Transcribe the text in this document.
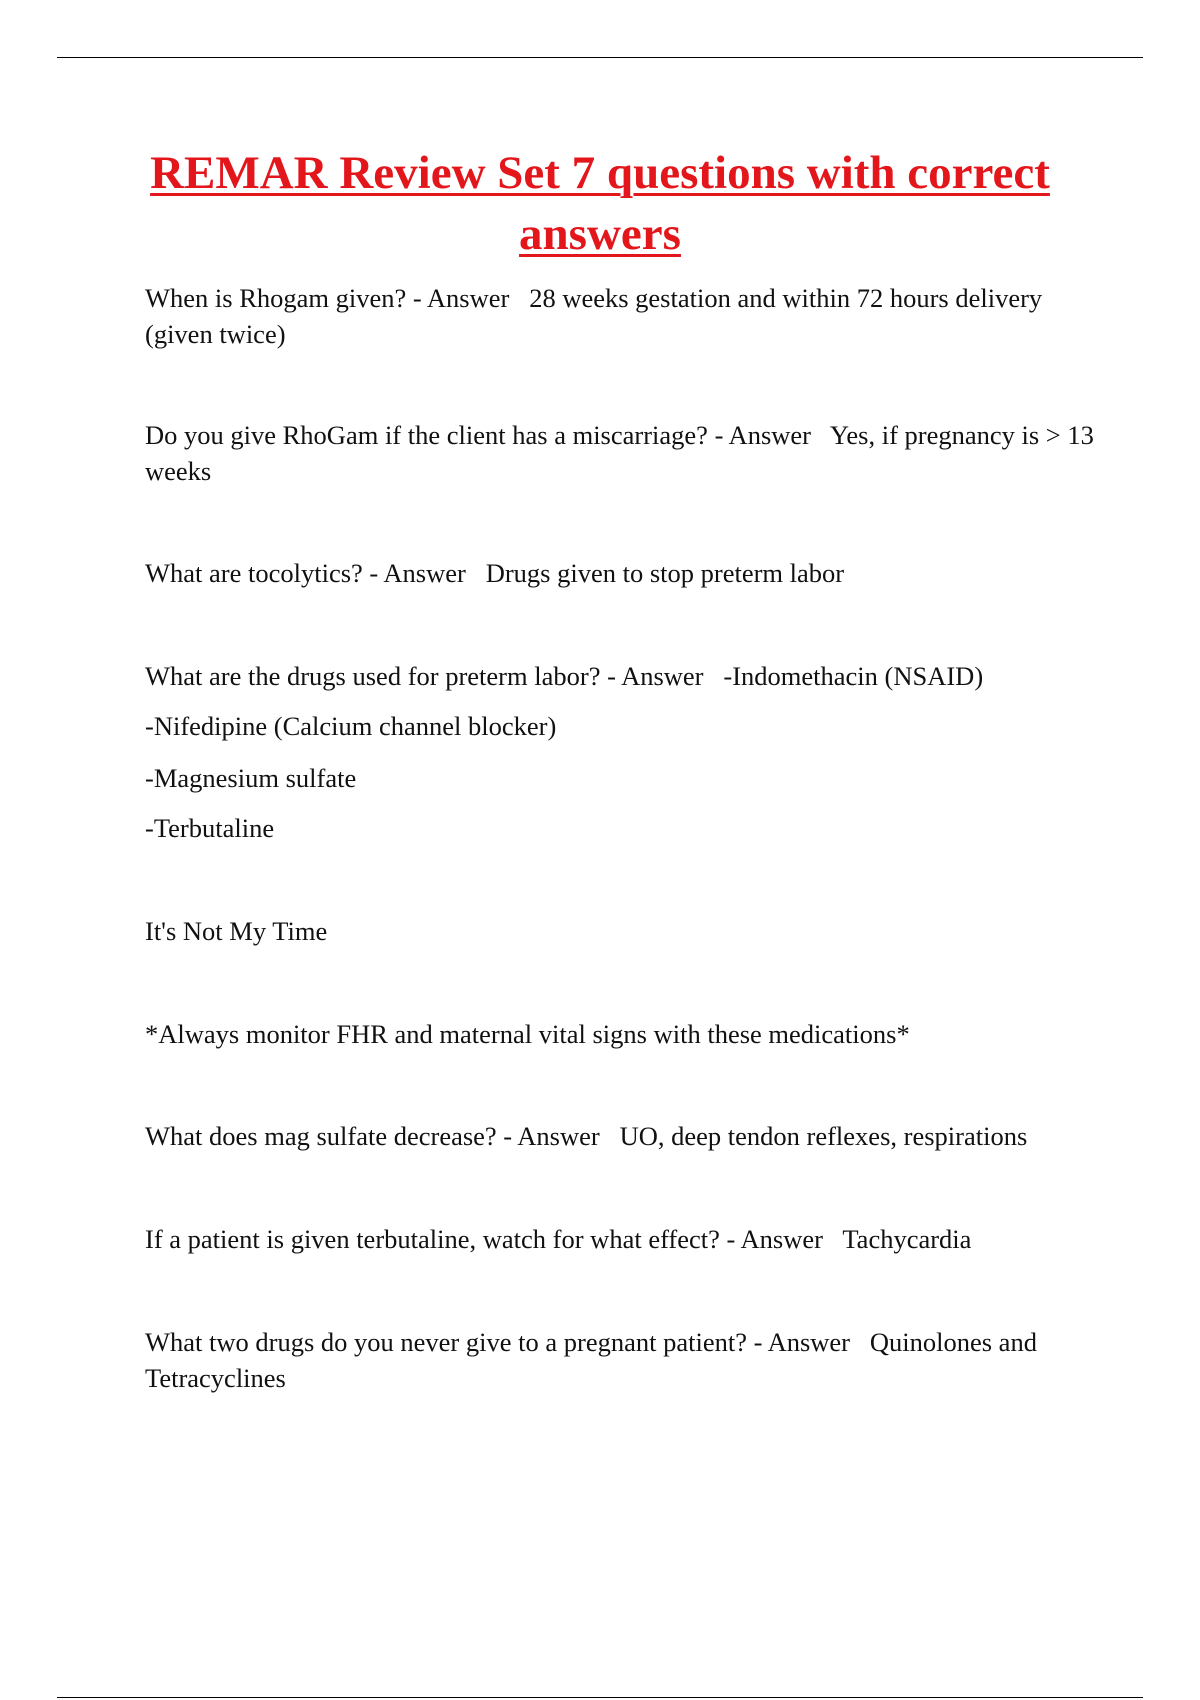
REMAR Review Set 7 questions with correct answers

When is Rhogam given? - Answer 28 weeks gestation and within 72 hours delivery (given twice)

Do you give RhoGam if the client has a miscarriage? - Answer Yes, if pregnancy is > 13 weeks

What are tocolytics? - Answer Drugs given to stop preterm labor

What are the drugs used for preterm labor? - Answer -Indomethacin (NSAID)

-Nifedipine (Calcium channel blocker)

-Magnesium sulfate

-Terbutaline

It's Not My Time

*Always monitor FHR and maternal vital signs with these medications*

What does mag sulfate decrease? - Answer UO, deep tendon reflexes, respirations

If a patient is given terbutaline, watch for what effect? - Answer Tachycardia

What two drugs do you never give to a pregnant patient? - Answer Quinolones and Tetracyclines
